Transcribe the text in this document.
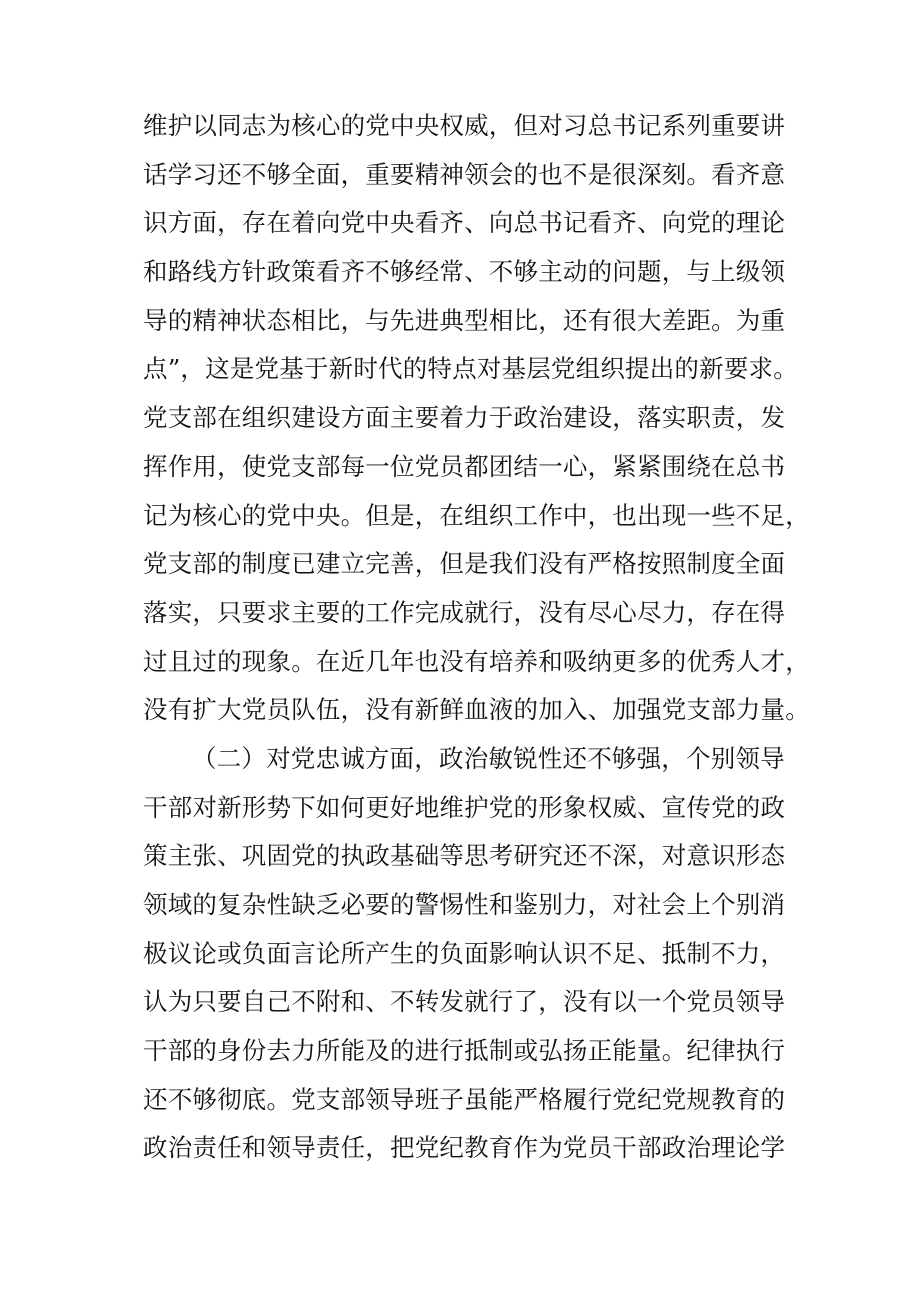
维护以同志为核心的党中央权威，但对习总书记系列重要讲
话学习还不够全面，重要精神领会的也不是很深刻。看齐意
识方面，存在着向党中央看齐、向总书记看齐、向党的理论
和路线方针政策看齐不够经常、不够主动的问题，与上级领
导的精神状态相比，与先进典型相比，还有很大差距。为重
点”，这是党基于新时代的特点对基层党组织提出的新要求。
党支部在组织建设方面主要着力于政治建设，落实职责，发
挥作用，使党支部每一位党员都团结一心，紧紧围绕在总书
记为核心的党中央。但是，在组织工作中，也出现一些不足，
党支部的制度已建立完善，但是我们没有严格按照制度全面
落实，只要求主要的工作完成就行，没有尽心尽力，存在得
过且过的现象。在近几年也没有培养和吸纳更多的优秀人才，
没有扩大党员队伍，没有新鲜血液的加入、加强党支部力量。
（二）对党忠诚方面，政治敏锐性还不够强，个别领导
干部对新形势下如何更好地维护党的形象权威、宣传党的政
策主张、巩固党的执政基础等思考研究还不深，对意识形态
领域的复杂性缺乏必要的警惕性和鉴别力，对社会上个别消
极议论或负面言论所产生的负面影响认识不足、抵制不力，
认为只要自己不附和、不转发就行了，没有以一个党员领导
干部的身份去力所能及的进行抵制或弘扬正能量。纪律执行
还不够彻底。党支部领导班子虽能严格履行党纪党规教育的
政治责任和领导责任，把党纪教育作为党员干部政治理论学
